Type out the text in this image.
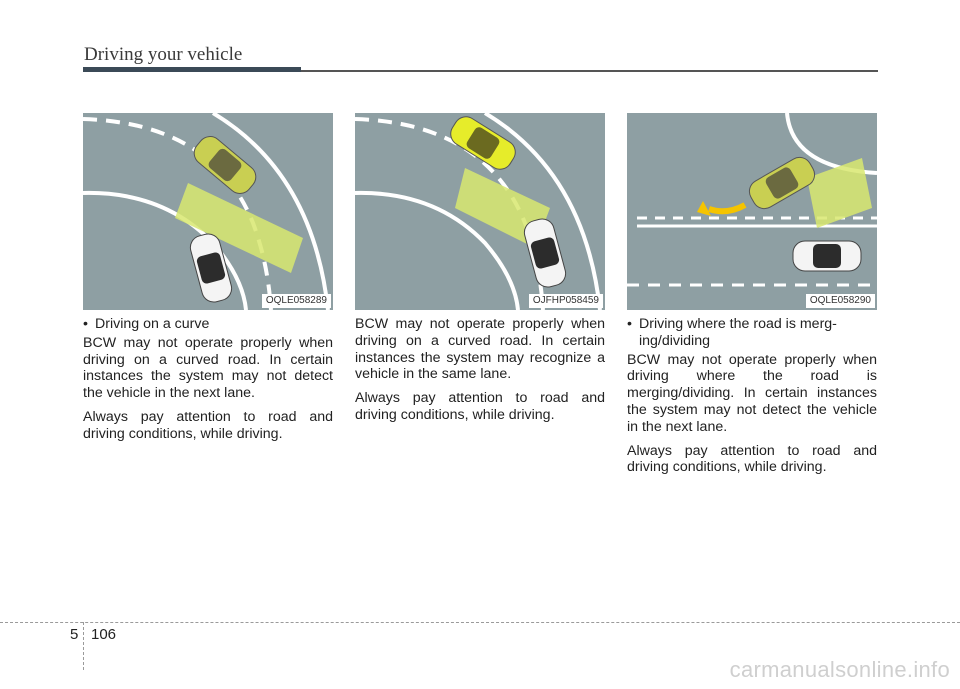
Driving your vehicle
OQLE058289	OJFHP058459	OQLE058290
• Driving on a curve

BCW may not operate properly when driving on a curved road. In certain instances the system may not detect the vehicle in the next lane.

Always pay attention to road and driving conditions, while driving.

BCW may not operate properly when driving on a curved road. In certain instances the system may recognize a vehicle in the same lane.

Always pay attention to road and driving conditions, while driving.

• Driving where the road is merg-ing/dividing

BCW may not operate properly when driving where the road is merging/dividing. In certain instances the system may not detect the vehicle in the next lane.

Always pay attention to road and driving conditions, while driving.

5 106
carmanualsonline.info
